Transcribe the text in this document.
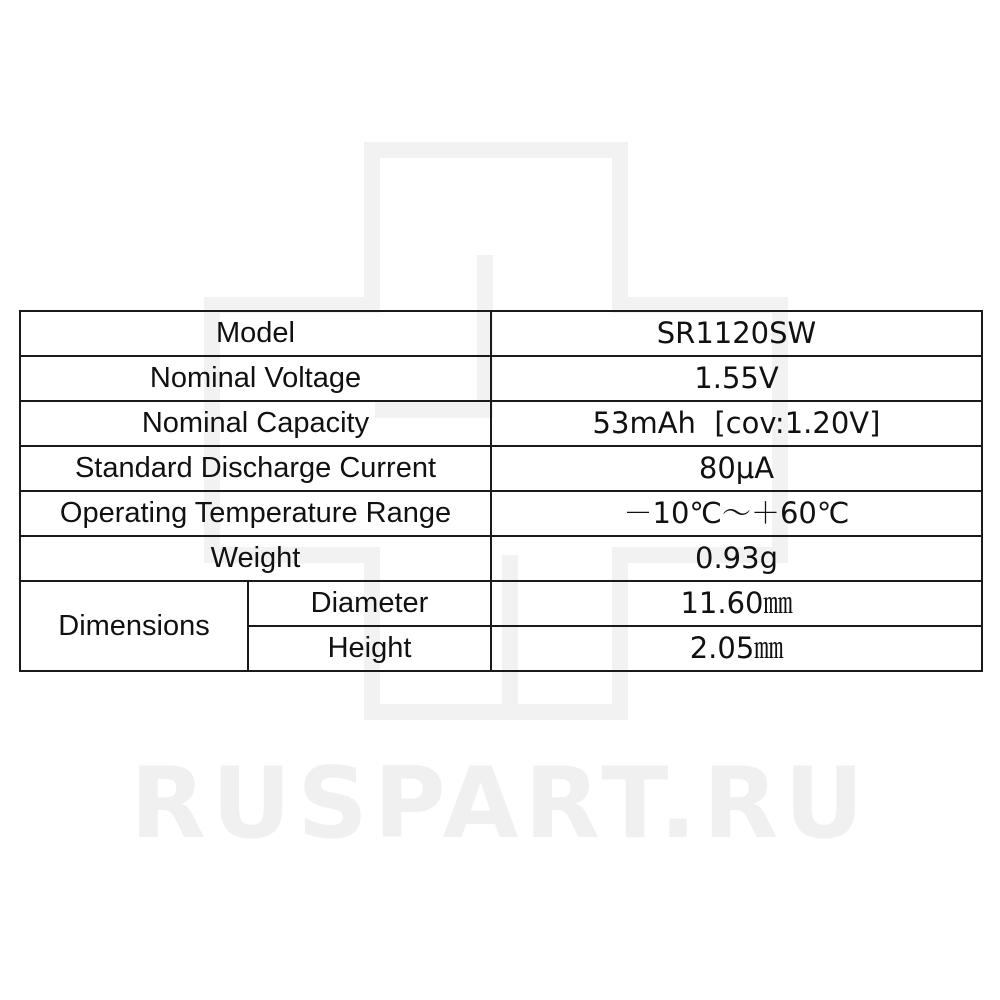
RUSPART.RU
Model		SR1120SW
Nominal Voltage		1.55V
Nominal Capacity		53mAh  [cov:1.20V]
Standard Discharge Current		80μA
Operating Temperature Range		－10℃～＋60℃
Weight		0.93g
Dimensions	Diameter	11.60㎜
	Height	2.05㎜
